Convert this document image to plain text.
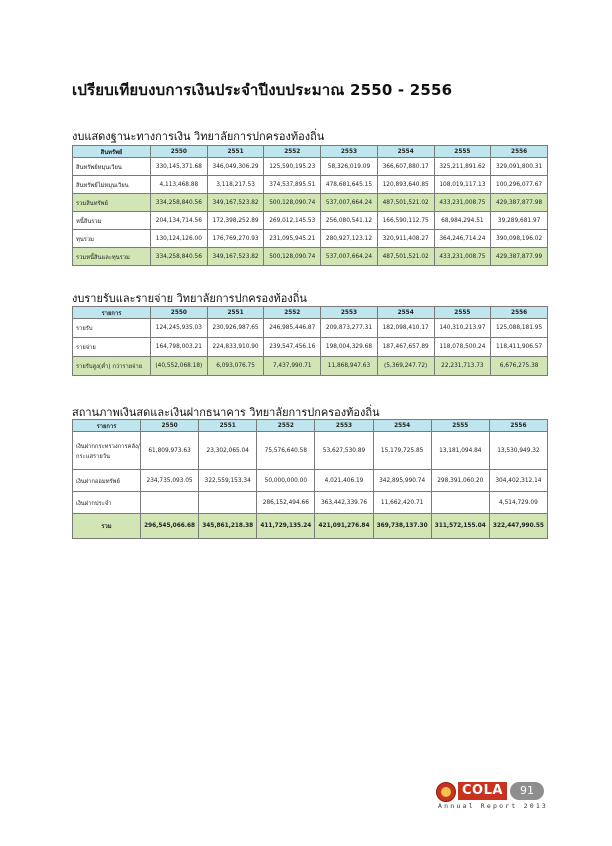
เปรียบเทียบงบการเงินประจำปีงบประมาณ 2550 - 2556
งบแสดงฐานะทางการเงิน วิทยาลัยการปกครองท้องถิ่น
สินทรัพย์	2550	2551	2552	2553	2554	2555	2556
สินทรัพย์หมุนเวียน	330,145,371.68	346,049,306.29	125,590,195.23	58,326,019.09	366,607,880.17	325,211,891.62	329,091,800.31
สินทรัพย์ไม่หมุนเวียน	4,113,468.88	3,118,217.53	374,537,895.51	478,681,645.15	120,893,640.85	108,019,117.13	100,296,077.67
รวมสินทรัพย์	334,258,840.56	349,167,523.82	500,128,090.74	537,007,664.24	487,501,521.02	433,231,008.75	429,387,877.98
หนี้สินรวม	204,134,714.56	172,398,252.89	269,012,145.53	256,080,541.12	166,590,112.75	68,984,294.51	39,289,681.97
ทุนรวม	130,124,126.00	176,769,270.93	231,095,945.21	280,927,123.12	320,911,408.27	364,246,714.24	390,098,196.02
รวมหนี้สินและทุนรวม	334,258,840.56	349,167,523.82	500,128,090.74	537,007,664.24	487,501,521.02	433,231,008.75	429,387,877.99
งบรายรับและรายจ่าย วิทยาลัยการปกครองท้องถิ่น
รายการ	2550	2551	2552	2553	2554	2555	2556
รายรับ	124,245,935.03	230,926,987.65	246,985,446.87	209,873,277.31	182,098,410.17	140,310,213.97	125,088,181.95
รายจ่าย	164,798,003.21	224,833,910.90	239,547,456.16	198,004,329.68	187,467,657.89	118,078,500.24	118,411,906.57
รายรับสูง(ต่ำ) กว่ารายจ่าย	(40,552,068.18)	6,093,076.75	7,437,990.71	11,868,947.63	(5,369,247.72)	22,231,713.73	6,676,275.38
สถานภาพเงินสดและเงินฝากธนาคาร วิทยาลัยการปกครองท้องถิ่น
รายการ	2550	2551	2552	2553	2554	2555	2556

เงินฝากกระทรวงการคลัง/
กระแสรายวัน	61,809,973.63	23,302,065.04	75,576,640.58	53,627,530.89	15,179,725.85	13,181,094.84	13,530,949.32

เงินฝากออมทรัพย์	234,735,093.05	322,559,153.34	50,000,000.00	4,021,406.19	342,895,990.74	298,391,060.20	304,402,312.14

เงินฝากประจำ			286,152,494.66	363,442,339.76	11,662,420.71		4,514,729.09

รวม	296,545,066.68	345,861,218.38	411,729,135.24	421,091,276.84	369,738,137.30	311,572,155.04	322,447,990.55
COLA	91
Annual Report 2013
